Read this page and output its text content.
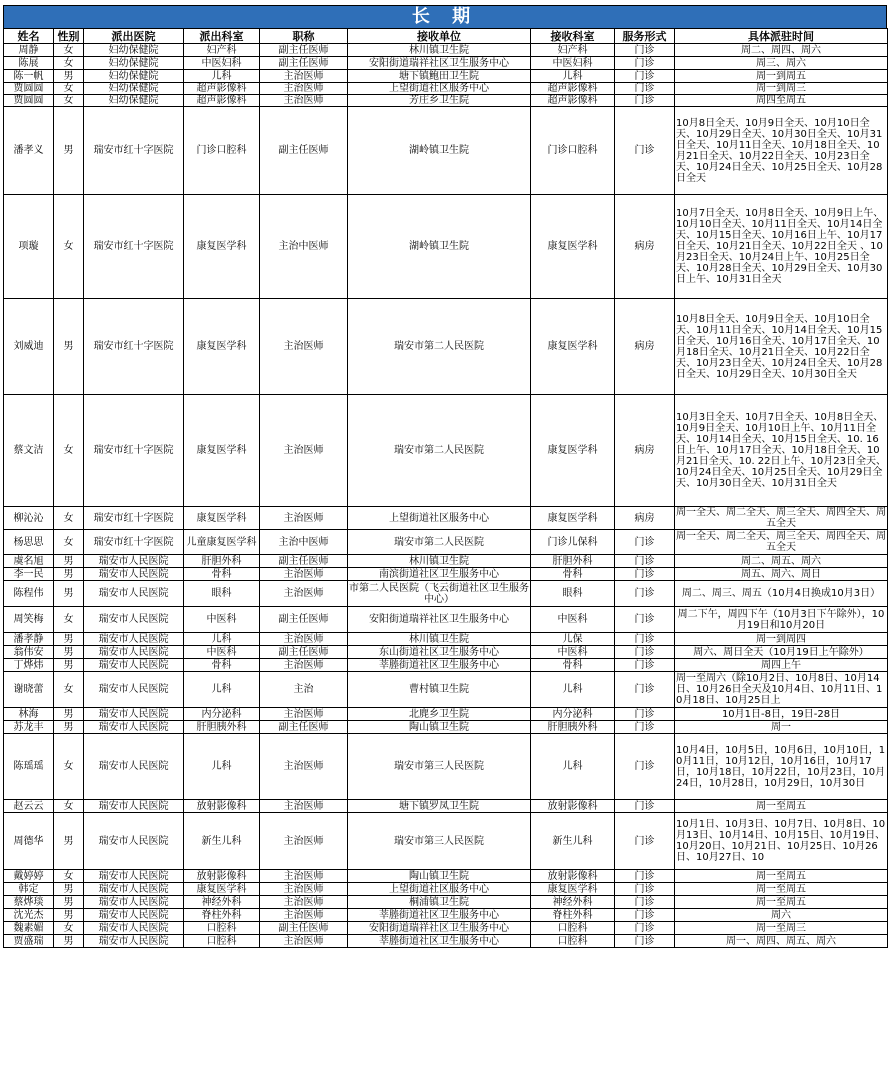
长 期
姓名	性别	派出医院	派出科室	职称	接收单位	接收科室	服务形式	具体派驻时间
周静	女	妇幼保健院	妇产科	副主任医师	林川镇卫生院	妇产科	门诊	周二、周四、周六
陈展	女	妇幼保健院	中医妇科	副主任医师	安阳街道瑞祥社区卫生服务中心	中医妇科	门诊	周三、周六
陈一帆	男	妇幼保健院	儿科	主治医师	塘下镇鲍田卫生院	儿科	门诊	周一到周五
贾圆圆	女	妇幼保健院	超声影像科	主治医师	上望街道社区服务中心	超声影像科	门诊	周一到周三
贾圆圆	女	妇幼保健院	超声影像科	主治医师	芳庄乡卫生院	超声影像科	门诊	周四至周五
潘孝义	男	瑞安市红十字医院	门诊口腔科	副主任医师	湖岭镇卫生院	门诊口腔科	门诊	10月8日全天、10月9日全天、10月10日全天、10月29日全天、10月30日全天、10月31日全天、10月11日全天、10月18日全天、10月21日全天、10月22日全天、10月23日全天、10月24日全天、10月25日全天、10月28日全天
项璇	女	瑞安市红十字医院	康复医学科	主治中医师	湖岭镇卫生院	康复医学科	病房	10月7日全天、10月8日全天、10月9日上午、10月10日全天、10月11日全天、10月14日全天、10月15日全天、10月16日上午、10月17日全天、10月21日全天、10月22日全天 、10月23日全天、10月24日上午、10月25日全天、10月28日全天、10月29日全天、10月30日上午、10月31日全天
刘威迪	男	瑞安市红十字医院	康复医学科	主治医师	瑞安市第二人民医院	康复医学科	病房	10月8日全天、10月9日全天、10月10日全天、10月11日全天、10月14日全天、10月15日全天、10月16日全天、10月17日全天、10月18日全天、10月21日全天、10月22日全天、10月23日全天、10月24日全天、10月28日全天、10月29日全天、10月30日全天
蔡文洁	女	瑞安市红十字医院	康复医学科	主治医师	瑞安市第二人民医院	康复医学科	病房	10月3日全天、10月7日全天、10月8日全天、10月9日全天、10月10日上午、10月11日全天、10月14日全天、10月15日全天、10. 16日上午、10月17日全天、10月18日全天、10月21日全天、10. 22日上午、10月23日全天、10月24日全天、10月25日全天、10月29日全天、10月30日全天、10月31日全天
柳沁沁	女	瑞安市红十字医院	康复医学科	主治医师	上望街道社区服务中心	康复医学科	病房	周一全天、周二全天、周三全天、周四全天、周五全天
杨思思	女	瑞安市红十字医院	儿童康复医学科	主治中医师	瑞安市第二人民医院	门诊儿保科	门诊	周一全天、周二全天、周三全天、周四全天、周五全天
虞名旭	男	瑞安市人民医院	肝胆外科	副主任医师	林川镇卫生院	肝胆外科	门诊	周二、周五、周六
李一民	男	瑞安市人民医院	骨科	主治医师	南滨街道社区卫生服务中心	骨科	门诊	周五、周六、周日
陈程伟	男	瑞安市人民医院	眼科	主治医师	市第二人民医院（飞云街道社区卫生服务中心）	眼科	门诊	周二、周三、周五（10月4日换成10月3日）
周笑梅	女	瑞安市人民医院	中医科	副主任医师	安阳街道瑞祥社区卫生服务中心	中医科	门诊	周二下午，周四下午（10月3日下午除外），10月19日和10月20日
潘孝静	男	瑞安市人民医院	儿科	主治医师	林川镇卫生院	儿保	门诊	周一到周四
翁伟安	男	瑞安市人民医院	中医科	副主任医师	东山街道社区卫生服务中心	中医科	门诊	周六、周日全天（10月19日上午除外）
丁烨炜	男	瑞安市人民医院	骨科	主治医师	莘塍街道社区卫生服务中心	骨科	门诊	周四上午
谢晓蕾	女	瑞安市人民医院	儿科	主治	曹村镇卫生院	儿科	门诊	周一至周六（除10月2日、10月8日、10月14日、10月26日全天及10月4日、10月11日、10月18日、10月25日上
林海	男	瑞安市人民医院	内分泌科	主治医师	北麂乡卫生院	内分泌科	门诊	10月1日-8日，19日-28日
苏龙丰	男	瑞安市人民医院	肝胆胰外科	副主任医师	陶山镇卫生院	肝胆胰外科	门诊	周一
陈瑶瑶	女	瑞安市人民医院	儿科	主治医师	瑞安市第三人民医院	儿科	门诊	10月4日，10月5日，10月6日，10月10日，10月11日，10月12日，10月16日，10月17日，10月18日，10月22日，10月23日，10月24日，10月28日，10月29日，10月30日
赵云云	女	瑞安市人民医院	放射影像科	主治医师	塘下镇罗凤卫生院	放射影像科	门诊	周一至周五
周德华	男	瑞安市人民医院	新生儿科	主治医师	瑞安市第三人民医院	新生儿科	门诊	10月1日、10月3日、10月7日、10月8日、10月13日、10月14日、10月15日、10月19日、10月20日、10月21日、10月25日、10月26日、10月27日、10
戴婷婷	女	瑞安市人民医院	放射影像科	主治医师	陶山镇卫生院	放射影像科	门诊	周一至周五
韩定	男	瑞安市人民医院	康复医学科	主治医师	上望街道社区服务中心	康复医学科	门诊	周一至周五
蔡烨琰	男	瑞安市人民医院	神经外科	主治医师	桐浦镇卫生院	神经外科	门诊	周一至周五
沈光杰	男	瑞安市人民医院	脊柱外科	主治医师	莘塍街道社区卫生服务中心	脊柱外科	门诊	周六
魏素媚	女	瑞安市人民医院	口腔科	副主任医师	安阳街道瑞祥社区卫生服务中心	口腔科	门诊	周一至周三
贾盛瑞	男	瑞安市人民医院	口腔科	主治医师	莘塍街道社区卫生服务中心	口腔科	门诊	周一、周四、周五、周六
